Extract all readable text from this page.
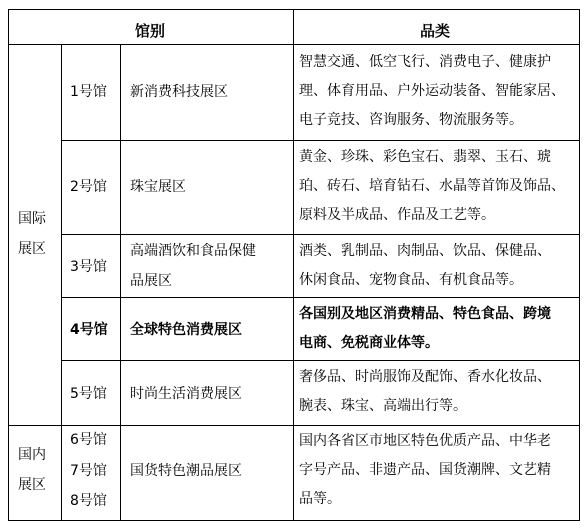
馆别	品类
国际
展区
国内
展区
1号馆 新消费科技展区
智慧交通、低空飞行、消费电子、健康护
理、体育用品、户外运动装备、智能家居、
电子竞技、咨询服务、物流服务等。
2号馆 珠宝展区
黄金、珍珠、彩色宝石、翡翠、玉石、琥
珀、砖石、培育钻石、水晶等首饰及饰品、
原料及半成品、作品及工艺等。
3号馆
高端酒饮和食品保健
品展区
酒类、乳制品、肉制品、饮品、保健品、
休闲食品、宠物食品、有机食品等。
4号馆 全球特色消费展区
各国别及地区消费精品、特色食品、跨境
电商、免税商业体等。
5号馆 时尚生活消费展区
奢侈品、时尚服饰及配饰、香水化妆品、
腕表、珠宝、高端出行等。
6号馆
7号馆
8号馆
国货特色潮品展区
国内各省区市地区特色优质产品、中华老
字号产品、非遗产品、国货潮牌、文艺精
品等。
